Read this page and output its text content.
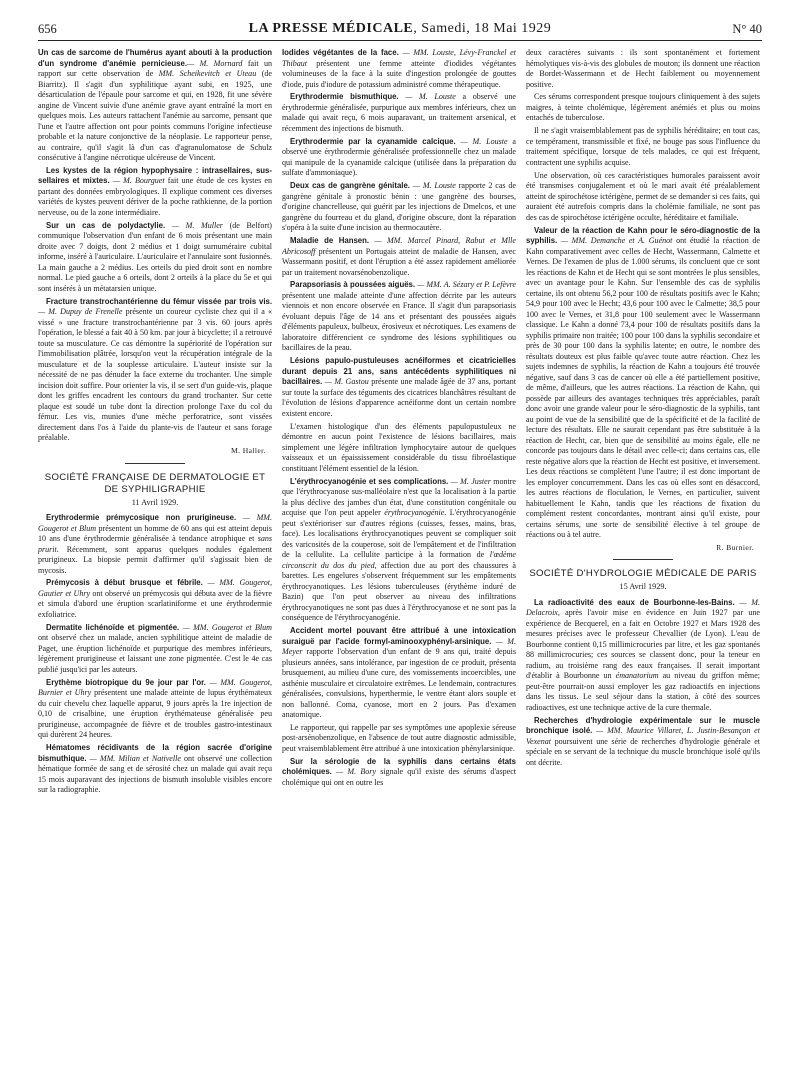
656	LA PRESSE MÉDICALE, Samedi, 18 Mai 1929	N° 40

Un cas de sarcome de l'humérus ayant abouti à la production d'un syndrome d'anémie pernicieuse.— M. Mornard fait un rapport sur cette observation de MM. Scheikevitch et Uteau (de Biarritz). Il s'agit d'un syphilitique ayant subi, en 1925, une désarticulation de l'épaule pour sarcome et qui, en 1928, fit une sévère angine de Vincent suivie d'une anémie grave ayant entraîné la mort en quelques mois. Les auteurs rattachent l'anémie au sarcome, pensant que l'une et l'autre affection ont pour points communs l'origine infectieuse probable et la nature conjonctive de la néoplasie. Le rapporteur pense, au contraire, qu'il s'agit là d'un cas d'agranulomatose de Schulz consécutive à l'angine nécrotique ulcéreuse de Vincent.

Les kystes de la région hypophysaire : intrasellaires, sus-sellaires et mixtes. — M. Bourguet fait une étude de ces kystes en partant des données embryologiques. Il explique comment ces diverses variétés de kystes peuvent dériver de la poche rathkienne, de la portion nerveuse, ou de la zone intermédiaire.

Sur un cas de polydactylie. — M. Muller (de Belfort) communique l'observation d'un enfant de 6 mois présentant une main droite avec 7 doigts, dont 2 médius et 1 doigt surnuméraire cubital informe, inséré à l'auriculaire. L'auriculaire et l'annulaire sont fusionnés. La main gauche a 2 médius. Les orteils du pied droit sont en nombre normal. Le pied gauche a 6 orteils, dont 2 orteils à la place du 5e et qui sont insérés à un métatarsien unique.

Fracture transtrochantérienne du fémur vissée par trois vis. — M. Dupuy de Frenelle présente un coureur cycliste chez qui il a « vissé » une fracture transtrochantérienne par 3 vis. 60 jours après l'opération, le blessé a fait 40 à 50 km. par jour à bicyclette; il a retrouvé toute sa musculature. Ce cas démontre la supériorité de l'opération sur l'immobilisation plâtrée, lorsqu'on veut la récupération intégrale de la musculature et de la souplesse articulaire. L'auteur insiste sur la nécessité de ne pas dénuder la face externe du trochanter. Une simple incision doit suffire. Pour orienter la vis, il se sert d'un guide-vis, plaque dont les griffes encadrent les contours du grand trochanter. Sur cette plaque est soudé un tube dont la direction prolonge l'axe du col du fémur. Les vis, munies d'une mèche perforatrice, sont vissées directement dans l'os à l'aide du plante-vis de l'auteur et sans forage préalable.

M. Haller.
SOCIÉTÉ FRANÇAISE DE DERMATOLOGIE ET DE SYPHILIGRAPHIE
11 Avril 1929.

Erythrodermie prémycosique non prurigineuse. — MM. Gougerot et Blum présentent un homme de 60 ans qui est atteint depuis 10 ans d'une érythrodermie généralisée à tendance atrophique et sans prurit. Récemment, sont apparus quelques nodules également prurigineux. La biopsie permit d'affirmer qu'il s'agissait bien de mycosis.

Prémycosis à début brusque et fébrile. — MM. Gougerot, Gautier et Uhry ont observé un prémycosis qui débuta avec de la fièvre et simula d'abord une éruption scarlatiniforme et une érythrodermie exfoliatrice.

Dermatite lichénoïde et pigmentée. — MM. Gougerot et Blum ont observé chez un malade, ancien syphilitique atteint de maladie de Paget, une éruption lichénoïde et purpurique des membres inférieurs, légèrement prurigineuse et laissant une zone pigmentée. C'est le 4e cas publié jusqu'ici par les auteurs.

Erythème biotropique du 9e jour par l'or. — MM. Gougerot, Burnier et Uhry présentent une malade atteinte de lupus érythémateux du cuir chevelu chez laquelle apparut, 9 jours après la 1re injection de 0,10 de crisalbine, une éruption érythémateuse généralisée peu prurigineuse, accompagnée de fièvre et de troubles gastro-intestinaux qui durèrent 24 heures.

Hématomes récidivants de la région sacrée d'origine bismuthique. — MM. Milian et Nativelle ont observé une collection hématique formée de sang et de sérosité chez un malade qui avait reçu 15 mois auparavant des injections de bismuth insoluble visibles encore sur la radiographie.

Iodides végétantes de la face. — MM. Louste, Lévy-Franckel et Thibaut présentent une femme atteinte d'iodides végétantes volumineuses de la face à la suite d'ingestion prolongée de gouttes d'iode, puis d'iodure de potassium administré comme thérapeutique.

Erythrodermie bismuthique. — M. Louste a observé une érythrodermie généralisée, purpurique aux membres inférieurs, chez un malade qui avait reçu, 6 mois auparavant, un traitement arsenical, et récemment des injections de bismuth.

Erythrodermie par la cyanamide calcique. — M. Louste a observé une érythrodermie généralisée professionnelle chez un malade qui manipule de la cyanamide calcique (utilisée dans la préparation du sulfate d'ammoniaque).

Deux cas de gangrène génitale. — M. Louste rapporte 2 cas de gangrène génitale à pronostic bénin : une gangrène des bourses, d'origine chancrelleuse, qui guérit par les injections de Dmelcos, et une gangrène du fourreau et du gland, d'origine obscure, dont la réparation s'opéra à la suite d'une incision au thermocautère.

Maladie de Hansen. — MM. Marcel Pinard, Rabut et Mlle Abricosoff présentent un Portugais atteint de maladie de Hansen, avec Wassermann positif, et dont l'éruption a été assez rapidement améliorée par un traitement novarsénobenzolique.

Parapsoriasis à poussées aiguës. — MM. A. Sézary et P. Lefèvre présentent une malade atteinte d'une affection décrite par les auteurs viennois et non encore observée en France. Il s'agit d'un parapsoriasis évoluant depuis l'âge de 14 ans et présentant des poussées aiguës d'éléments papuleux, bulbeux, érosiveux et nécrotiques. Les examens de laboratoire différencient ce syndrome des lésions syphilitiques ou bacillaires de la peau.

Lésions papulo-pustuleuses acnéiformes et cicatricielles durant depuis 21 ans, sans antécédents syphilitiques ni bacillaires. — M. Gastou présente une malade âgée de 37 ans, portant sur toute la surface des téguments des cicatrices blanchâtres résultant de l'évolution de lésions d'apparence acnéiforme dont un certain nombre existent encore.

L'examen histologique d'un des éléments papulopustuleux ne démontre en aucun point l'existence de lésions bacillaires, mais simplement une légère infiltration lymphocytaire autour de quelques vaisseaux et un épaississement considérable du tissu fibroélastique constituant l'élément essentiel de la lésion.

L'érythrocyanogénie et ses complications. — M. Juster montre que l'érythrocyanose sus-malléolaire n'est que la localisation à la partie la plus déclive des jambes d'un état, d'une constitution congénitale ou acquise que l'on peut appeler érythrocyanogénie. L'érythrocyanogénie peut s'extérioriser sur d'autres régions (cuisses, fesses, mains, bras, face). Les localisations érythrocyanotiques peuvent se compliquer soit des varicosités de la couperose, soit de l'empâtement et de l'infiltration de la cellulite. La cellulite participe à la formation de l'œdème circonscrit du dos du pied, affection due au port des chaussures à barettes. Les engelures s'observent fréquemment sur les empâtements érythrocyanotiques. Les lésions tuberculeuses (érythème induré de Bazin) que l'on peut observer au niveau des infiltrations érythrocyanotiques ne sont pas dues à l'érythrocyanose et ne sont pas la conséquence de l'érythrocyanogénie.

Accident mortel pouvant être attribué à une intoxication suraiguë par l'acide formyl-aminooxyphényl-arsinique. — M. Meyer rapporte l'observation d'un enfant de 9 ans qui, traité depuis plusieurs années, sans intolérance, par ingestion de ce produit, présenta brusquement, au milieu d'une cure, des vomissements incoercibles, une asthénie musculaire et circulatoire extrêmes. Le lendemain, contractures généralisées, convulsions, hyperthermie, le ventre étant alors souple et non ballonné. Coma, cyanose, mort en 2 jours. Pas d'examen anatomique.

Le rapporteur, qui rappelle par ses symptômes une apoplexie séreuse post-arsénobenzolique, en l'absence de tout autre diagnostic admissible, peut vraisemblablement être attribué à une intoxication phénylarsinique.

Sur la sérologie de la syphilis dans certains états cholémiques. — M. Bory signale qu'il existe des sérums d'aspect cholémique qui ont en outre les

deux caractères suivants : ils sont spontanément et fortement hémolytiques vis-à-vis des globules de mouton; ils donnent une réaction de Bordet-Wassermann et de Hecht faiblement ou moyennement positive.

Ces sérums correspondent presque toujours cliniquement à des sujets maigres, à teinte cholémique, légèrement anémiés et plus ou moins entachés de tuberculose.

Il ne s'agit vraisemblablement pas de syphilis héréditaire; en tout cas, ce tempérament, transmissible et fixé, ne bouge pas sous l'influence du traitement spécifique, lorsque de tels malades, ce qui est fréquent, contractent une syphilis acquise.

Une observation, où ces caractéristiques humorales paraissent avoir été transmises conjugalement et où le mari avait été préalablement atteint de spirochétose ictérigène, permet de se demander si ces faits, qui auraient été autrefois compris dans la cholémie familiale, ne sont pas des cas de spirochétose ictérigène occulte, héréditaire et familiale.

Valeur de la réaction de Kahn pour le séro-diagnostic de la syphilis. — MM. Demanche et A. Guénot ont étudié la réaction de Kahn comparativement avec celles de Hecht, Wassermann, Calmette et Vernes. De l'examen de plus de 1.000 sérums, ils concluent que ce sont les réactions de Kahn et de Hecht qui se sont montrées le plus sensibles, avec un avantage pour le Kahn. Sur l'ensemble des cas de syphilis certaine, ils ont obtenu 56,2 pour 100 de résultats positifs avec le Kahn; 54,9 pour 100 avec le Hecht; 43,6 pour 100 avec le Calmette; 38,5 pour 100 avec le Vernes, et 31,8 pour 100 seulement avec le Wassermann classique. Le Kahn a donné 73,4 pour 100 de résultats positifs dans la syphilis primaire non traitée; 100 pour 100 dans la syphilis secondaire et près de 30 pour 100 dans la syphilis latente; en outre, le nombre des résultats douteux est plus faible qu'avec toute autre réaction. Chez les sujets indemnes de syphilis, la réaction de Kahn a toujours été trouvée négative, sauf dans 3 cas de cancer où elle a été partiellement positive, de même, d'ailleurs, que les autres réactions. La réaction de Kahn, qui possède par ailleurs des avantages techniques très appréciables, paraît donc avoir une grande valeur pour le séro-diagnostic de la syphilis, tant au point de vue de la sensibilité que de la spécificité et de la facilité de lecture des résultats. Elle ne saurait cependant pas être substituée à la réaction de Hecht, car, bien que de sensibilité au moins égale, elle ne concorde pas toujours dans le détail avec celle-ci; dans certains cas, elle reste négative alors que la réaction de Hecht est positive, et inversement. Les deux réactions se complètent l'une l'autre; il est donc important de les employer concurremment. Dans les cas où elles sont en désaccord, les autres réactions de floculation, le Vernes, en particulier, suivent habituellement le Kahn, tandis que les réactions de fixation du complément restent concordantes, montrant ainsi qu'il existe, pour certains sérums, une sorte de sensibilité élective à tel groupe de réactions ou à tel autre.

R. Burnier.
SOCIÉTÉ D'HYDROLOGIE MÉDICALE DE PARIS
15 Avril 1929.

La radioactivité des eaux de Bourbonne-les-Bains. — M. Delacroix, après l'avoir mise en évidence en Juin 1927 par une expérience de Becquerel, en a fait en Octobre 1927 et Mars 1928 des mesures précises avec le professeur Chevallier (de Lyon). L'eau de Bourbonne contient 0,15 millimicrocuries par litre, et les gaz spontanés 88 millimicrocuries; ces sources se classent donc, pour la teneur en radium, au troisième rang des eaux françaises. Il serait important d'établir à Bourbonne un émanatorium au niveau du griffon même; peut-être pourrait-on aussi employer les gaz radioactifs en injections dans les tissus. Le seul séjour dans la station, à côté des sources radioactives, est une technique active de la cure thermale.

Recherches d'hydrologie expérimentale sur le muscle bronchique isolé. — MM. Maurice Villaret, L. Justin-Besançon et Vexenat poursuivent une série de recherches d'hydrologie générale et spéciale en se servant de la technique du muscle bronchique isolé qu'ils ont décrite.
